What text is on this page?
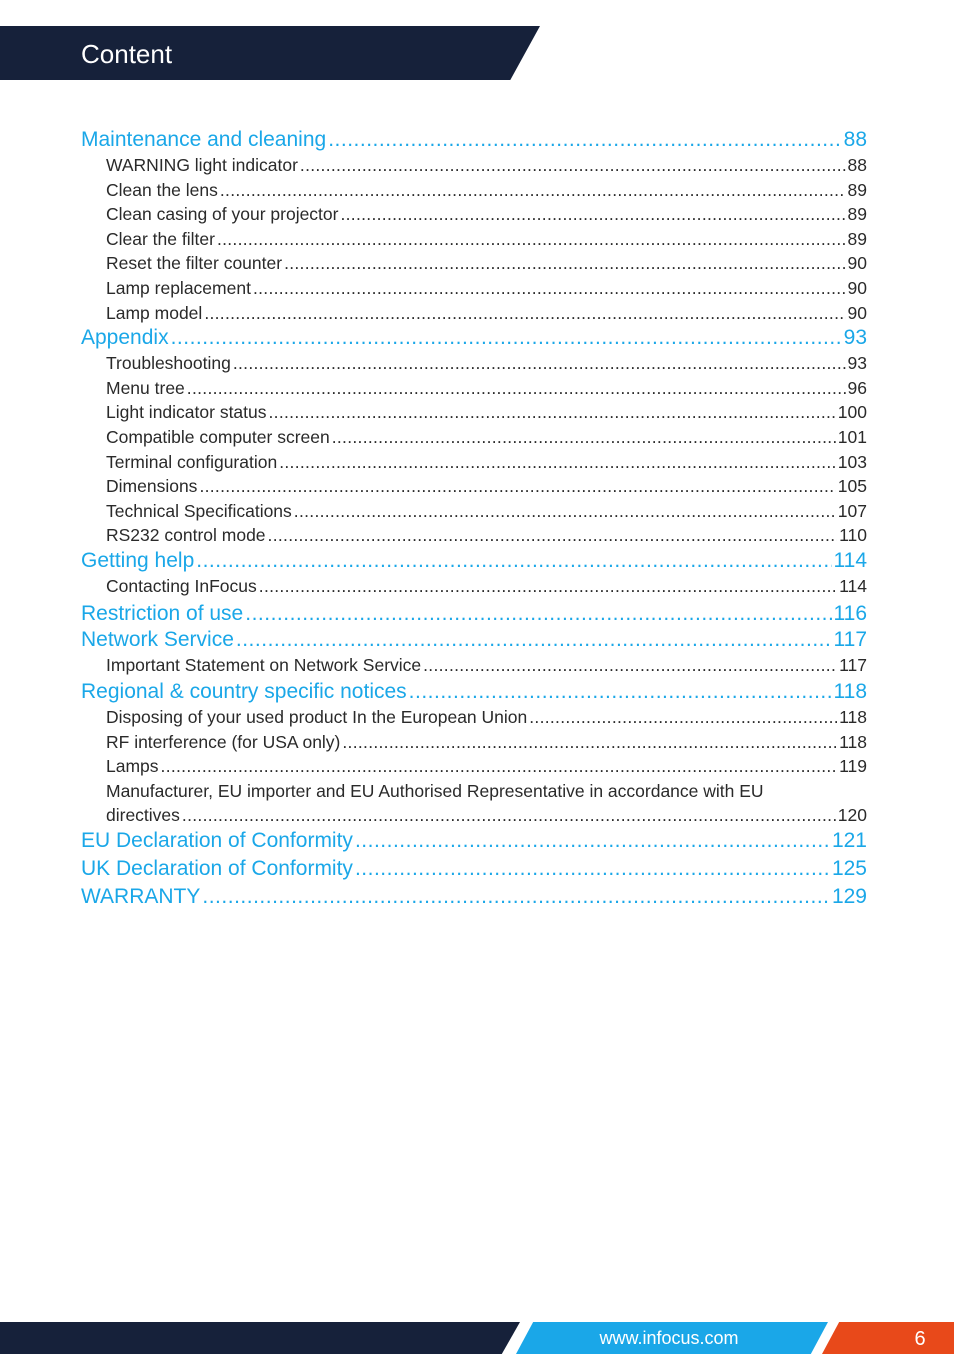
Content
Maintenance and cleaning .....	88
WARNING light indicator .....	88
Clean the lens .....	89
Clean casing of your projector .....	89
Clear the filter .....	89
Reset the filter counter .....	90
Lamp replacement .....	90
Lamp model .....	90
Appendix .....	93
Troubleshooting .....	93
Menu tree .....	96
Light indicator status .....	100
Compatible computer screen .....	101
Terminal configuration .....	103
Dimensions .....	105
Technical Specifications .....	107
RS232 control mode .....	110
Getting help .....	114
Contacting InFocus .....	114
Restriction of use .....	116
Network Service .....	117
Important Statement on Network Service .....	117
Regional & country specific notices .....	118
Disposing of your used product In the European Union .....	118
RF interference (for USA only) .....	118
Lamps .....	119
Manufacturer, EU importer and EU Authorised Representative in accordance with EU
directives .....	120
EU Declaration of Conformity .....	121
UK Declaration of Conformity .....	125
WARRANTY .....	129
www.infocus.com	6
